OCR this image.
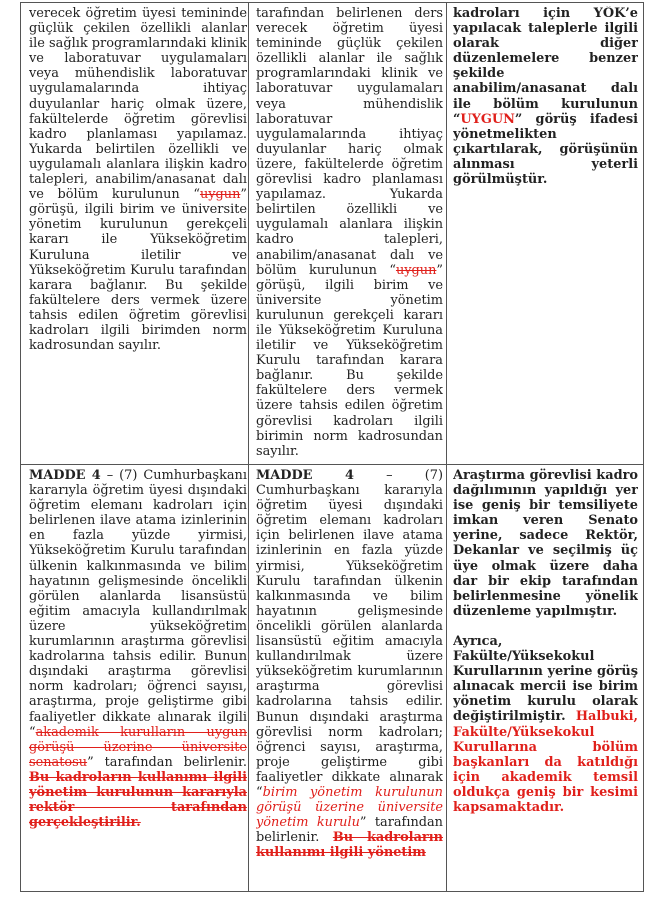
verecek öğretim üyesi temininde güçlük çekilen özellikli alanlar ile sağlık programlarındaki klinik ve laboratuvar uygulamaları veya mühendislik laboratuvar uygulamalarında ihtiyaç duyulanlar hariç olmak üzere, fakültelerde öğretim görevlisi kadro planlaması yapılamaz. Yukarda belirtilen özellikli ve uygulamalı alanlara ilişkin kadro talepleri, anabilim/anasanat dalı ve bölüm kurulunun “uygun” görüşü, ilgili birim ve üniversite yönetim kurulunun gerekçeli kararı ile Yükseköğretim Kuruluna iletilir ve Yükseköğretim Kurulu tarafından karara bağlanır. Bu şekilde fakültelere ders vermek üzere tahsis edilen öğretim görevlisi kadroları ilgili birimden norm kadrosundan sayılır.

tarafından belirlenen ders verecek öğretim üyesi temininde güçlük çekilen özellikli alanlar ile sağlık programlarındaki klinik ve laboratuvar uygulamaları veya mühendislik laboratuvar uygulamalarında ihtiyaç duyulanlar hariç olmak üzere, fakültelerde öğretim görevlisi kadro planlaması yapılamaz. Yukarda belirtilen özellikli ve uygulamalı alanlara ilişkin kadro talepleri, anabilim/anasanat dalı ve bölüm kurulunun “uygun” görüşü, ilgili birim ve üniversite yönetim kurulunun gerekçeli kararı ile Yükseköğretim Kuruluna iletilir ve Yükseköğretim Kurulu tarafından karara bağlanır. Bu şekilde fakültelere ders vermek üzere tahsis edilen öğretim görevlisi kadroları ilgili birimin norm kadrosundan sayılır.

kadroları için YÖK’e yapılacak taleplerle ilgili olarak diğer düzenlemelere benzer şekilde anabilim/anasanat dalı ile bölüm kurulunun “UYGUN” görüş ifadesi yönetmelikten çıkartılarak, görüşünün alınması yeterli görülmüştür.

MADDE 4 – (7) Cumhurbaşkanı kararıyla öğretim üyesi dışındaki öğretim elemanı kadroları için belirlenen ilave atama izinlerinin en fazla yüzde yirmisi, Yükseköğretim Kurulu tarafından ülkenin kalkınmasında ve bilim hayatının gelişmesinde öncelikli görülen alanlarda lisansüstü eğitim amacıyla kullandırılmak üzere yükseköğretim kurumlarının araştırma görevlisi kadrolarına tahsis edilir. Bunun dışındaki araştırma görevlisi norm kadroları; öğrenci sayısı, araştırma, proje geliştirme gibi faaliyetler dikkate alınarak ilgili “akademik kurulların uygun görüşü üzerine üniversite senatosu” tarafından belirlenir. Bu kadroların kullanımı ilgili yönetim kurulunun kararıyla rektör tarafından gerçekleştirilir.

MADDE 4 – (7) Cumhurbaşkanı kararıyla öğretim üyesi dışındaki öğretim elemanı kadroları için belirlenen ilave atama izinlerinin en fazla yüzde yirmisi, Yükseköğretim Kurulu tarafından ülkenin kalkınmasında ve bilim hayatının gelişmesinde öncelikli görülen alanlarda lisansüstü eğitim amacıyla kullandırılmak üzere yükseköğretim kurumlarının araştırma görevlisi kadrolarına tahsis edilir. Bunun dışındaki araştırma görevlisi norm kadroları; öğrenci sayısı, araştırma, proje geliştirme gibi faaliyetler dikkate alınarak “birim yönetim kurulunun görüşü üzerine üniversite yönetim kurulu” tarafından belirlenir. Bu kadroların kullanımı ilgili yönetim

Araştırma görevlisi kadro dağılımının yapıldığı yer ise geniş bir temsiliyete imkan veren Senato yerine, sadece Rektör, Dekanlar ve seçilmiş üç üye olmak üzere daha dar bir ekip tarafından belirlenmesine yönelik düzenleme yapılmıştır.

Ayrıca, Fakülte/Yüksekokul Kurullarının yerine görüş alınacak mercii ise birim yönetim kurulu olarak değiştirilmiştir. Halbuki, Fakülte/Yüksekokul Kurullarına bölüm başkanları da katıldığı için akademik temsil oldukça geniş bir kesimi kapsamaktadır.
